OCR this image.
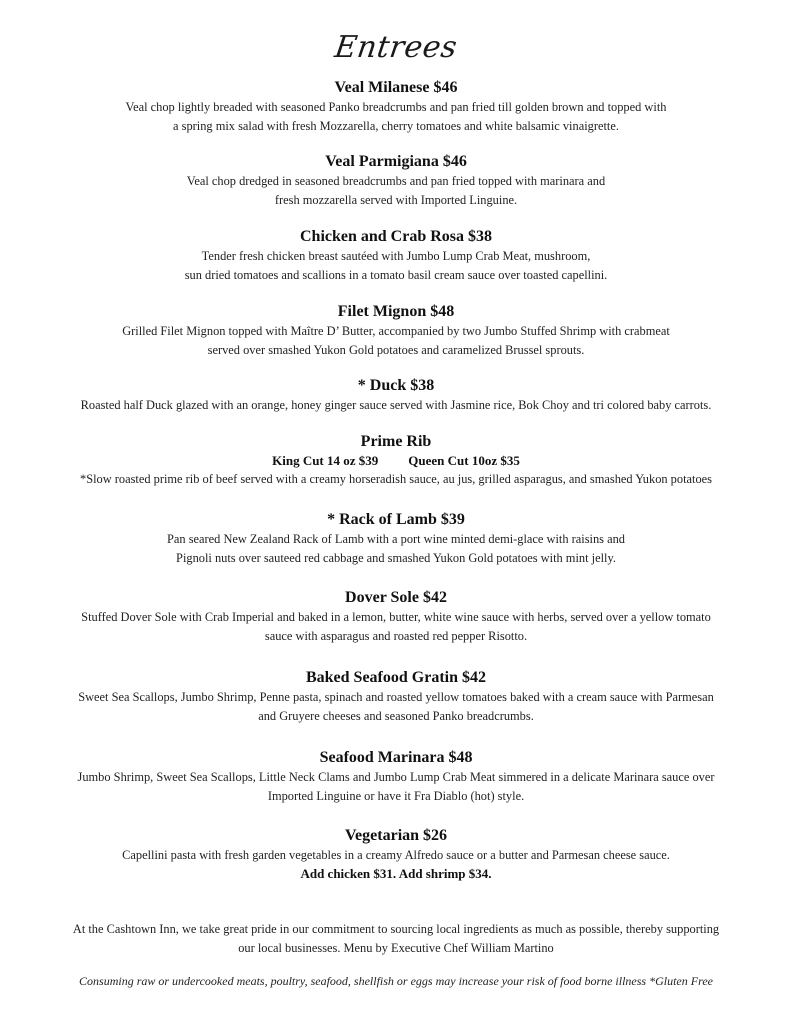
Entrees
Veal Milanese $46
Veal chop lightly breaded with seasoned Panko breadcrumbs and pan fried till golden brown and topped with
a spring mix salad with fresh Mozzarella, cherry tomatoes and white balsamic vinaigrette.
Veal Parmigiana $46
Veal chop dredged in seasoned breadcrumbs and pan fried topped with marinara and
fresh mozzarella served with Imported Linguine.
Chicken and Crab Rosa $38
Tender fresh chicken breast sautéed with Jumbo Lump Crab Meat, mushroom,
sun dried tomatoes and scallions in a tomato basil cream sauce over toasted capellini.
Filet Mignon $48
Grilled Filet Mignon topped with Maître D’ Butter, accompanied by two Jumbo Stuffed Shrimp with crabmeat
served over smashed Yukon Gold potatoes and caramelized Brussel sprouts.
* Duck $38
Roasted half Duck glazed with an orange, honey ginger sauce served with Jasmine rice, Bok Choy and tri colored baby carrots.
Prime Rib
King Cut 14 oz $39 Queen Cut 10oz $35
*Slow roasted prime rib of beef served with a creamy horseradish sauce, au jus, grilled asparagus, and smashed Yukon potatoes
* Rack of Lamb $39
Pan seared New Zealand Rack of Lamb with a port wine minted demi-glace with raisins and
Pignoli nuts over sauteed red cabbage and smashed Yukon Gold potatoes with mint jelly.
Dover Sole $42
Stuffed Dover Sole with Crab Imperial and baked in a lemon, butter, white wine sauce with herbs, served over a yellow tomato
sauce with asparagus and roasted red pepper Risotto.
Baked Seafood Gratin $42
Sweet Sea Scallops, Jumbo Shrimp, Penne pasta, spinach and roasted yellow tomatoes baked with a cream sauce with Parmesan
and Gruyere cheeses and seasoned Panko breadcrumbs.
Seafood Marinara $48
Jumbo Shrimp, Sweet Sea Scallops, Little Neck Clams and Jumbo Lump Crab Meat simmered in a delicate Marinara sauce over
Imported Linguine or have it Fra Diablo (hot) style.
Vegetarian $26
Capellini pasta with fresh garden vegetables in a creamy Alfredo sauce or a butter and Parmesan cheese sauce.
Add chicken $31. Add shrimp $34.
At the Cashtown Inn, we take great pride in our commitment to sourcing local ingredients as much as possible, thereby supporting
our local businesses. Menu by Executive Chef William Martino
Consuming raw or undercooked meats, poultry, seafood, shellfish or eggs may increase your risk of food borne illness *Gluten Free
